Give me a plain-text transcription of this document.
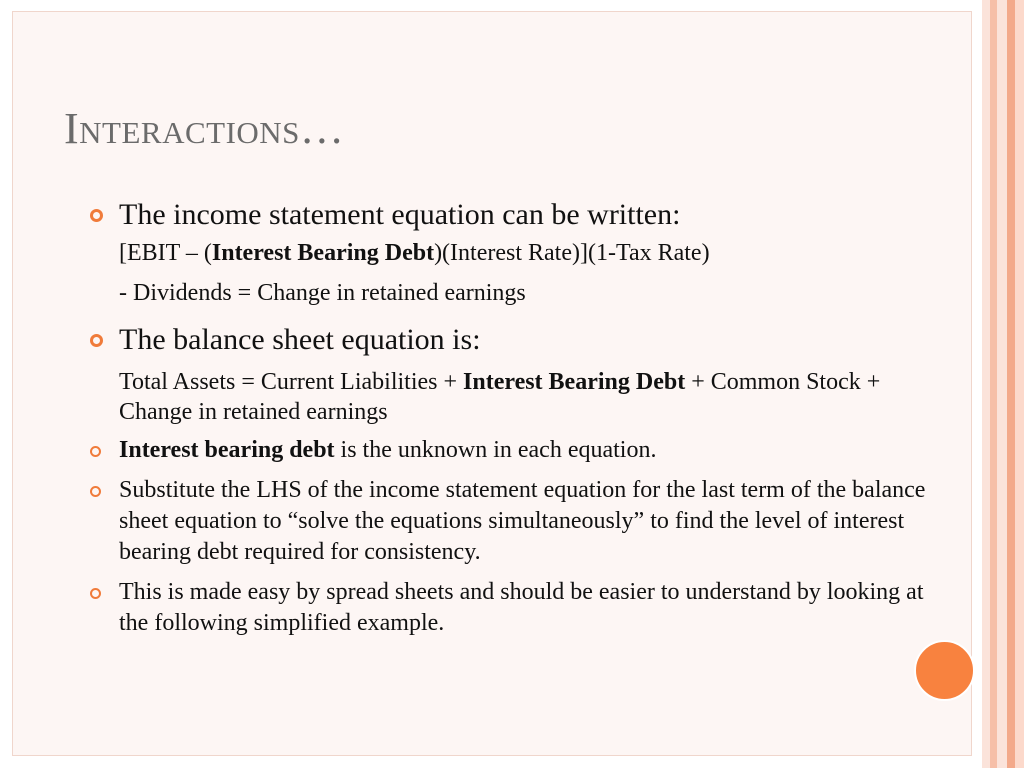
Interactions…

The income statement equation can be written:

[EBIT – (Interest Bearing Debt)(Interest Rate)](1-Tax Rate)

- Dividends = Change in retained earnings

The balance sheet equation is:

Total Assets = Current Liabilities + Interest Bearing Debt + Common Stock + Change in retained earnings

Interest bearing debt is the unknown in each equation.

Substitute the LHS of the income statement equation for the last term of the balance sheet equation to “solve the equations simultaneously” to find the level of interest bearing debt required for consistency.

This is made easy by spread sheets and should be easier to understand by looking at the following simplified example.
